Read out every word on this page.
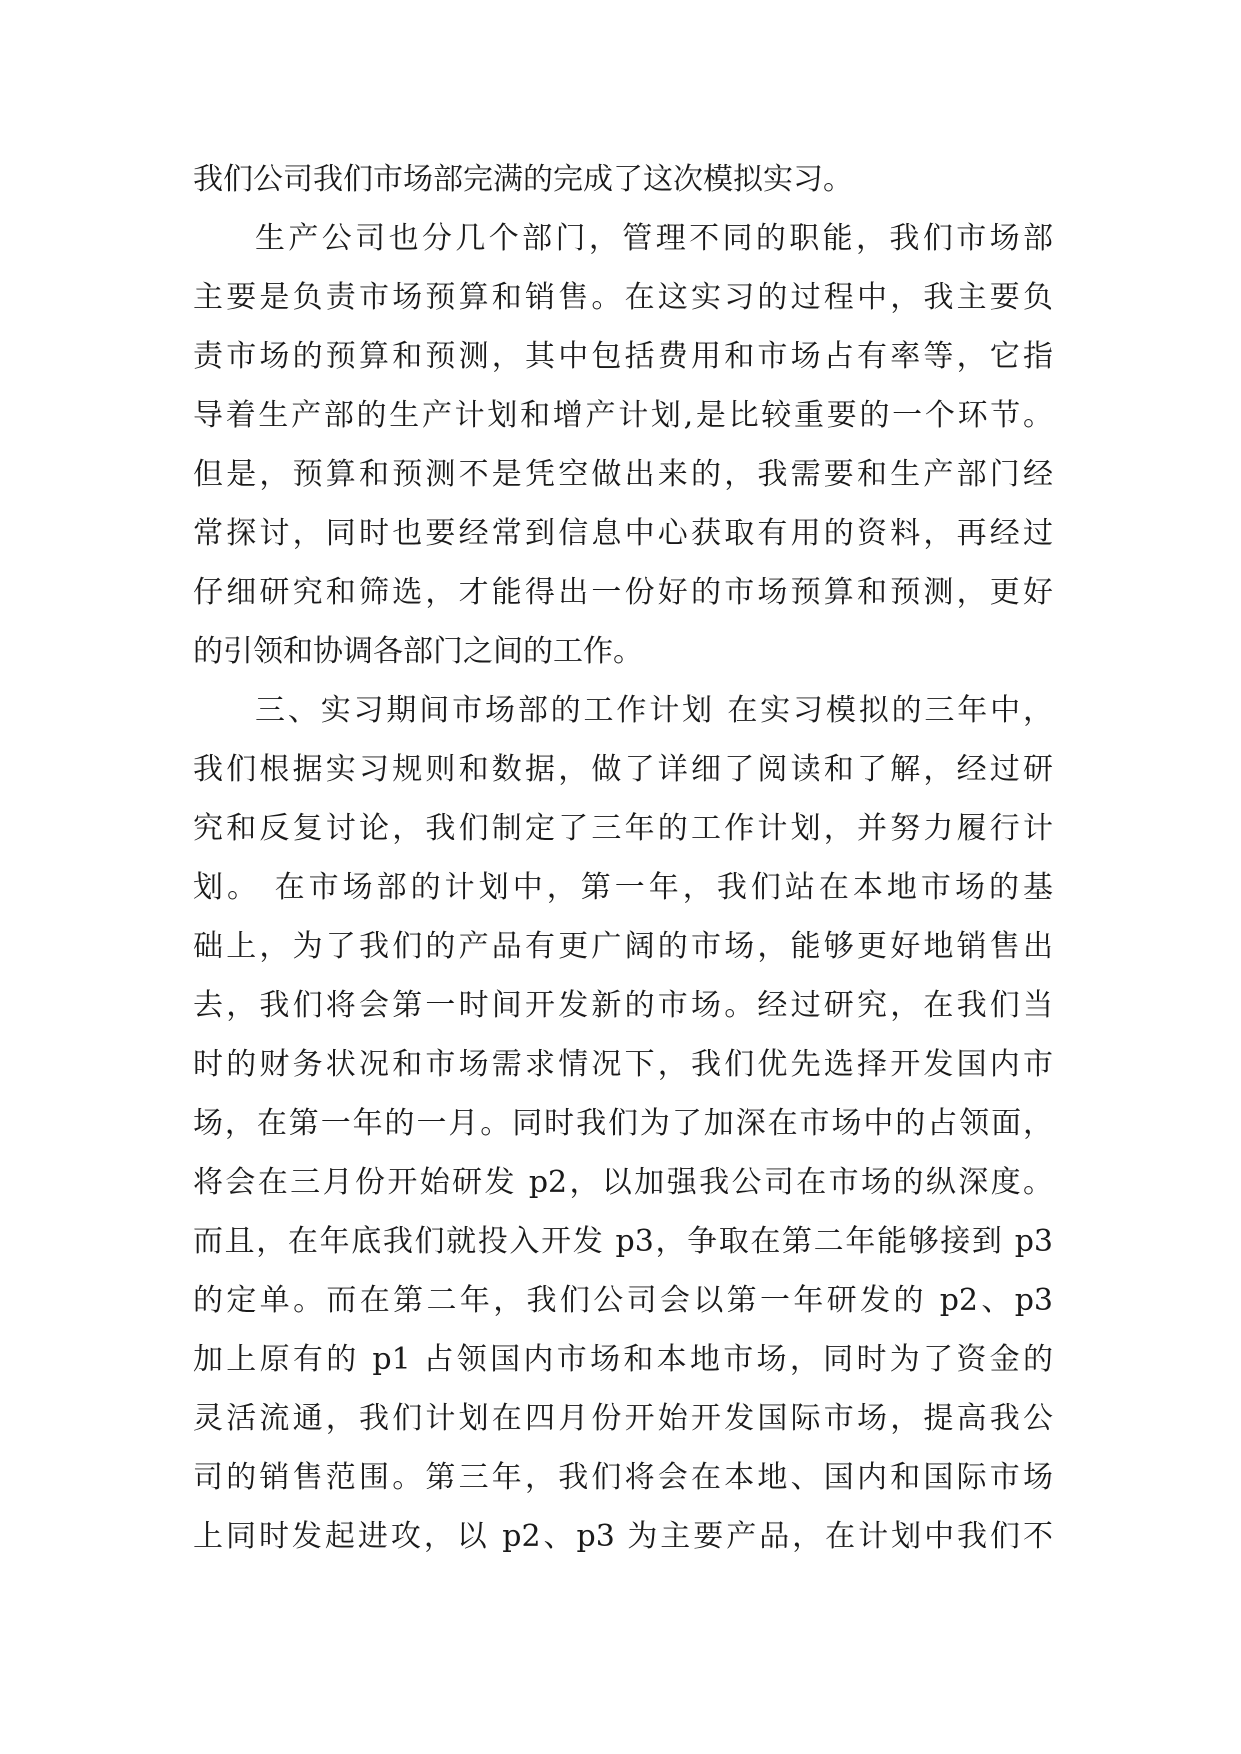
我们公司我们市场部完满的完成了这次模拟实习。
生产公司也分几个部门，管理不同的职能，我们市场部
主要是负责市场预算和销售。在这实习的过程中，我主要负
责市场的预算和预测，其中包括费用和市场占有率等，它指
导着生产部的生产计划和增产计划,是比较重要的一个环节。
但是，预算和预测不是凭空做出来的，我需要和生产部门经
常探讨，同时也要经常到信息中心获取有用的资料，再经过
仔细研究和筛选，才能得出一份好的市场预算和预测，更好
的引领和协调各部门之间的工作。
三、实习期间市场部的工作计划 在实习模拟的三年中，
我们根据实习规则和数据，做了详细了阅读和了解，经过研
究和反复讨论，我们制定了三年的工作计划，并努力履行计
划。 在市场部的计划中，第一年，我们站在本地市场的基
础上，为了我们的产品有更广阔的市场，能够更好地销售出
去，我们将会第一时间开发新的市场。经过研究，在我们当
时的财务状况和市场需求情况下，我们优先选择开发国内市
场，在第一年的一月。同时我们为了加深在市场中的占领面，
将会在三月份开始研发 p2，以加强我公司在市场的纵深度。
而且，在年底我们就投入开发 p3，争取在第二年能够接到 p3
的定单。而在第二年，我们公司会以第一年研发的 p2、p3
加上原有的 p1 占领国内市场和本地市场，同时为了资金的
灵活流通，我们计划在四月份开始开发国际市场，提高我公
司的销售范围。第三年，我们将会在本地、国内和国际市场
上同时发起进攻，以 p2、p3 为主要产品，在计划中我们不
